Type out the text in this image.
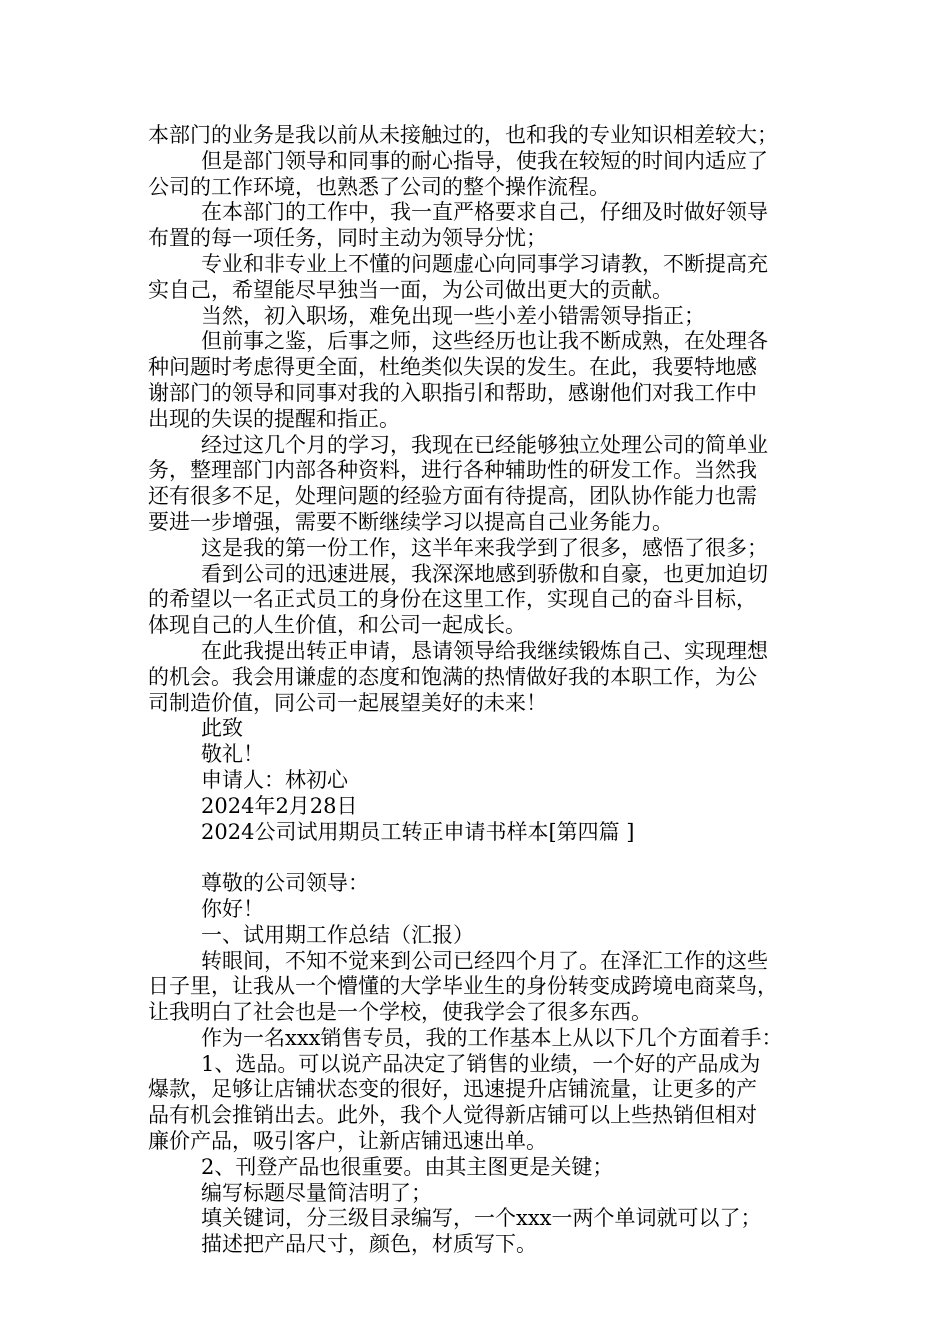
本部门的业务是我以前从未接触过的，也和我的专业知识相差较大；
但是部门领导和同事的耐心指导，使我在较短的时间内适应了
公司的工作环境，也熟悉了公司的整个操作流程。
在本部门的工作中，我一直严格要求自己，仔细及时做好领导
布置的每一项任务，同时主动为领导分忧；
专业和非专业上不懂的问题虚心向同事学习请教，不断提高充
实自己，希望能尽早独当一面，为公司做出更大的贡献。
当然，初入职场，难免出现一些小差小错需领导指正；
但前事之鉴，后事之师，这些经历也让我不断成熟，在处理各
种问题时考虑得更全面，杜绝类似失误的发生。在此，我要特地感
谢部门的领导和同事对我的入职指引和帮助，感谢他们对我工作中
出现的失误的提醒和指正。
经过这几个月的学习，我现在已经能够独立处理公司的简单业
务，整理部门内部各种资料，进行各种辅助性的研发工作。当然我
还有很多不足，处理问题的经验方面有待提高，团队协作能力也需
要进一步增强，需要不断继续学习以提高自己业务能力。
这是我的第一份工作，这半年来我学到了很多，感悟了很多；
看到公司的迅速进展，我深深地感到骄傲和自豪，也更加迫切
的希望以一名正式员工的身份在这里工作，实现自己的奋斗目标，
体现自己的人生价值，和公司一起成长。
在此我提出转正申请，恳请领导给我继续锻炼自己、实现理想
的机会。我会用谦虚的态度和饱满的热情做好我的本职工作，为公
司制造价值，同公司一起展望美好的未来！
此致
敬礼！
申请人：林初心
2024年2月28日
2024公司试用期员工转正申请书样本[第四篇 ]
尊敬的公司领导：
你好！
一、试用期工作总结（汇报）
转眼间，不知不觉来到公司已经四个月了。在泽汇工作的这些
日子里，让我从一个懵懂的大学毕业生的身份转变成跨境电商菜鸟，
让我明白了社会也是一个学校，使我学会了很多东西。
作为一名xxx销售专员，我的工作基本上从以下几个方面着手：
1、选品。可以说产品决定了销售的业绩，一个好的产品成为
爆款，足够让店铺状态变的很好，迅速提升店铺流量，让更多的产
品有机会推销出去。此外，我个人觉得新店铺可以上些热销但相对
廉价产品，吸引客户，让新店铺迅速出单。
2、刊登产品也很重要。由其主图更是关键；
编写标题尽量简洁明了；
填关键词，分三级目录编写，一个xxx一两个单词就可以了；
描述把产品尺寸，颜色，材质写下。
